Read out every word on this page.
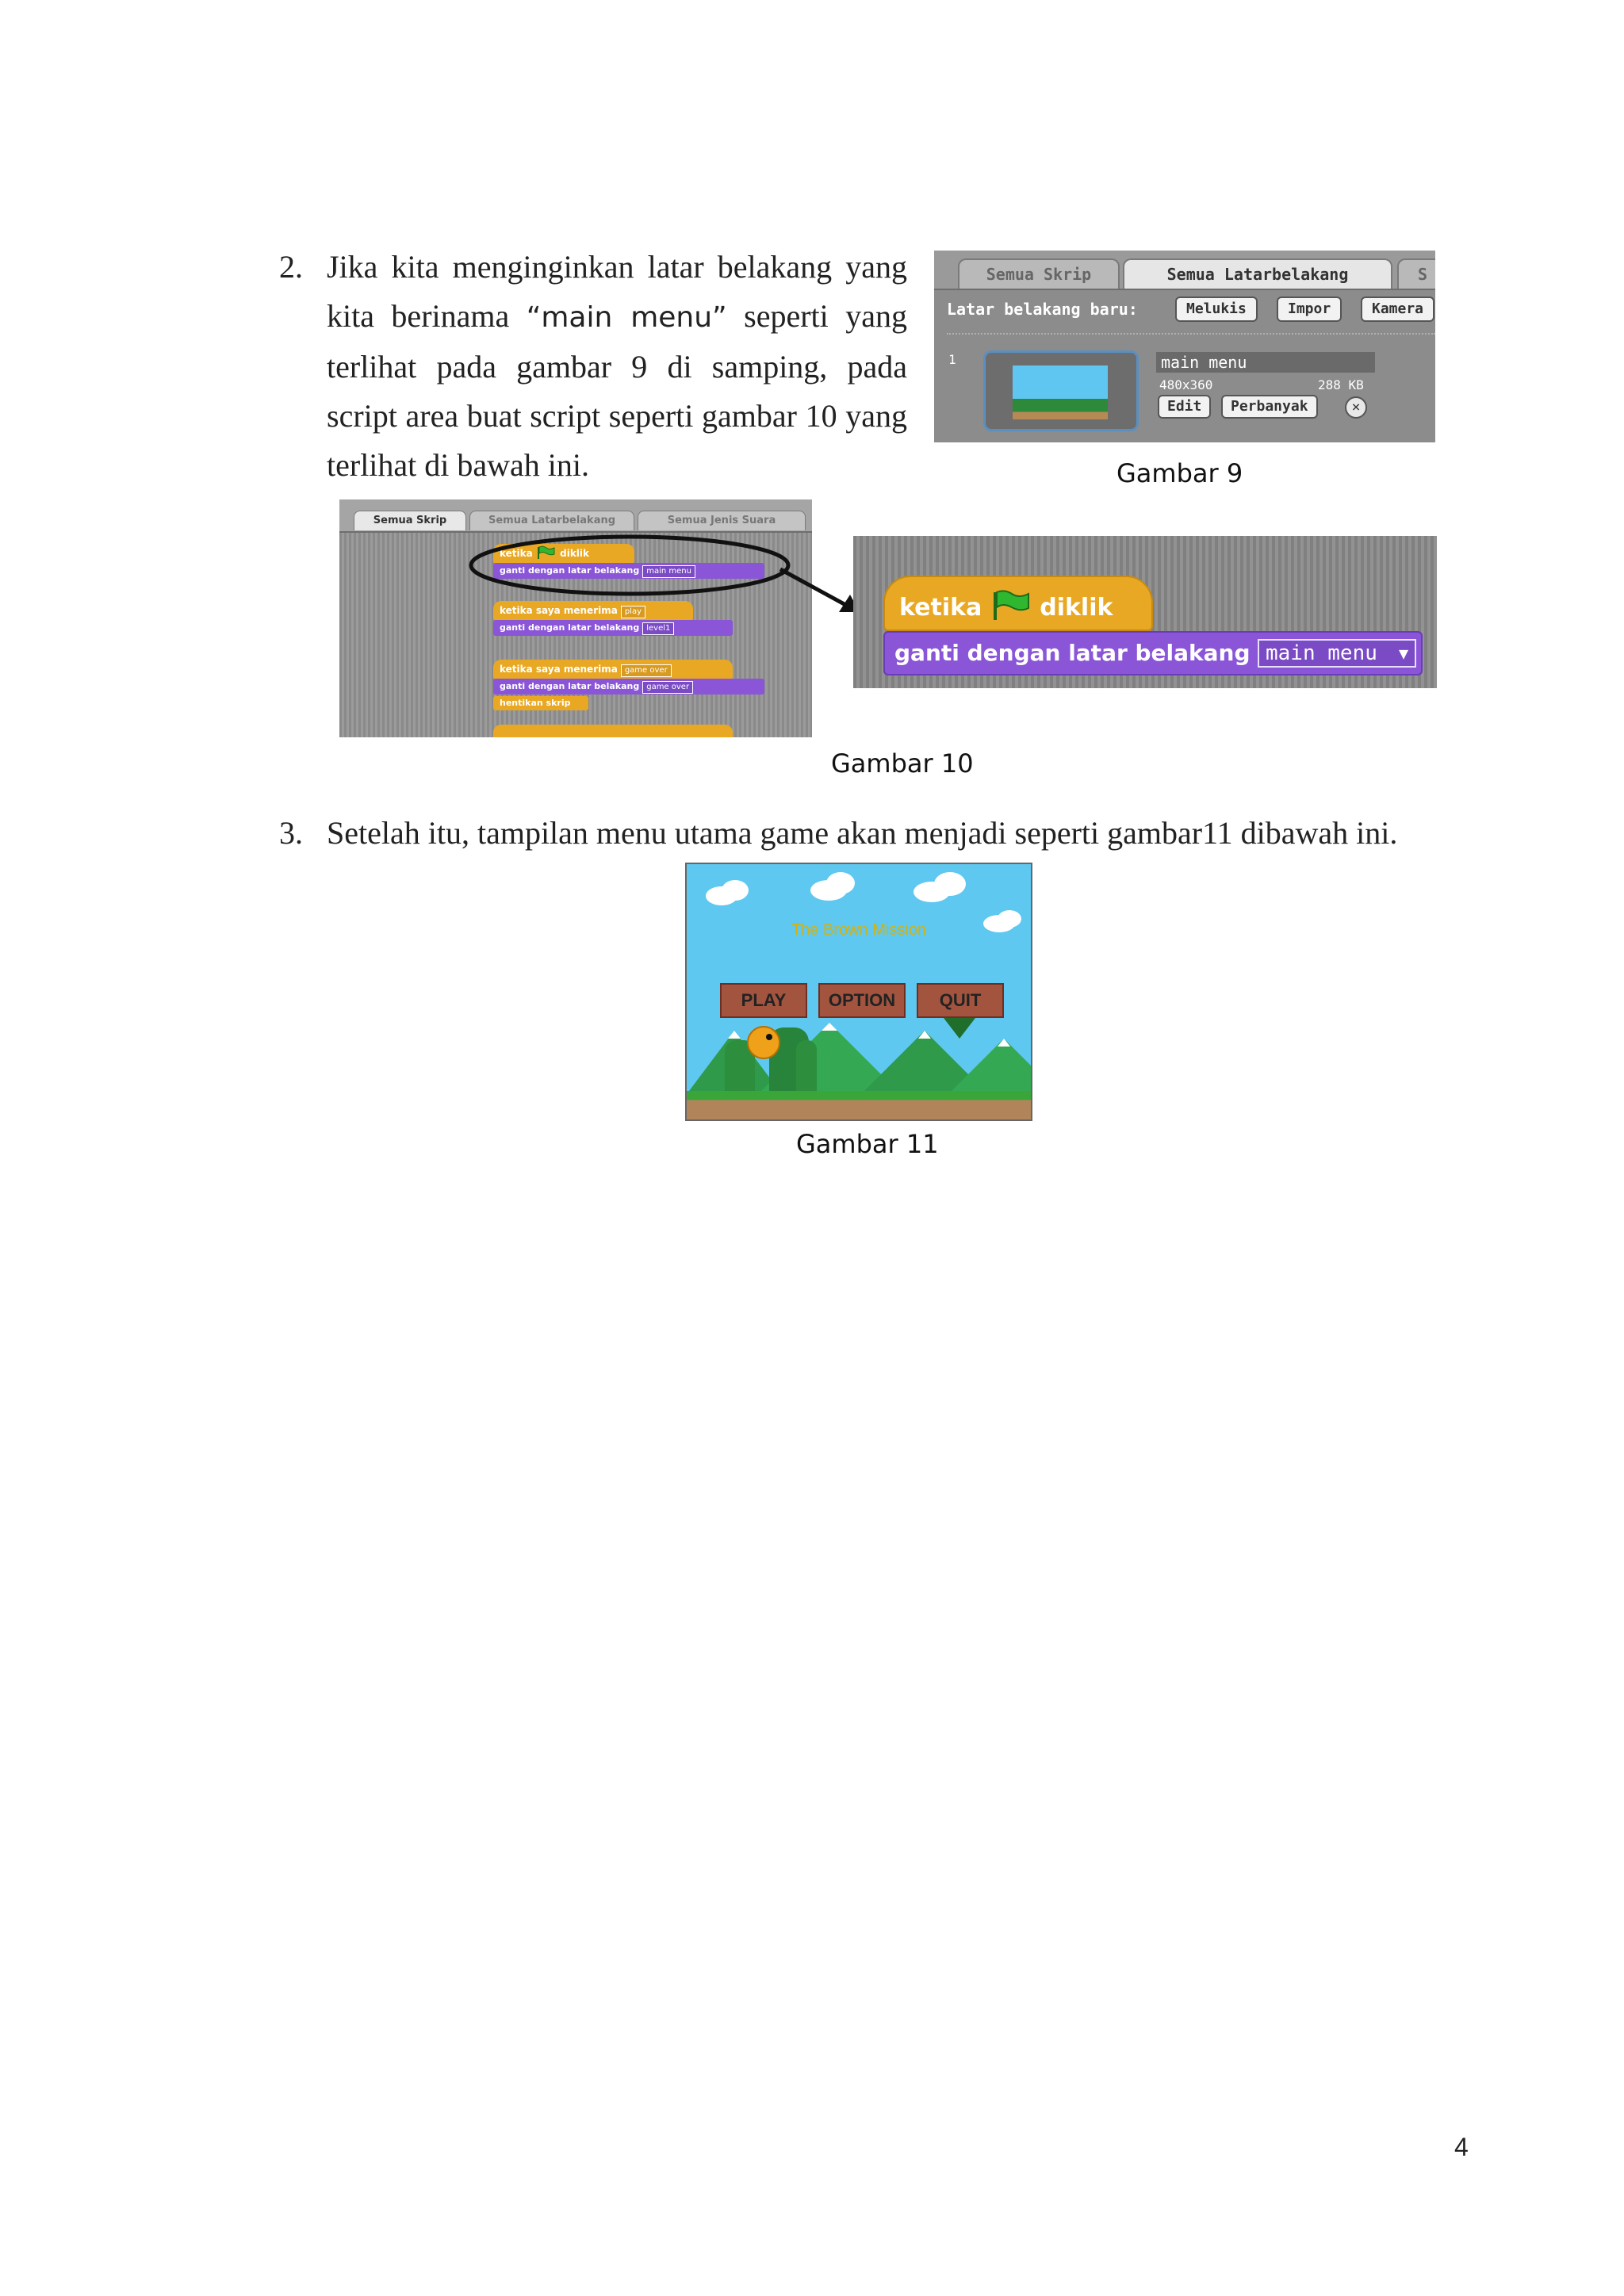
2. Jika kita menginginkan latar belakang yang kita berinama “main menu” seperti yang terlihat pada gambar 9 di samping, pada script area buat script seperti gambar 10 yang terlihat di bawah ini.
Semua Skrip	Semua Latarbelakang	S
Latar belakang baru:	Melukis	Impor	Kamera
1	main menu
480x360	288 KB
Edit	Perbanyak	×
Gambar 9
Semua Skrip	Semua Latarbelakang	Semua Jenis Suara
ketika	diklik
ganti dengan latar belakang main menu
ketika saya menerima play
ganti dengan latar belakang level1
ketika saya menerima game over
ganti dengan latar belakang game over
hentikan skrip
ketika diklik
ganti dengan latar belakang main menu ▼
Gambar 10
3. Setelah itu, tampilan menu utama game akan menjadi seperti gambar11 dibawah ini.
The Brown Mission
PLAY	OPTION	QUIT
Gambar 11
4
